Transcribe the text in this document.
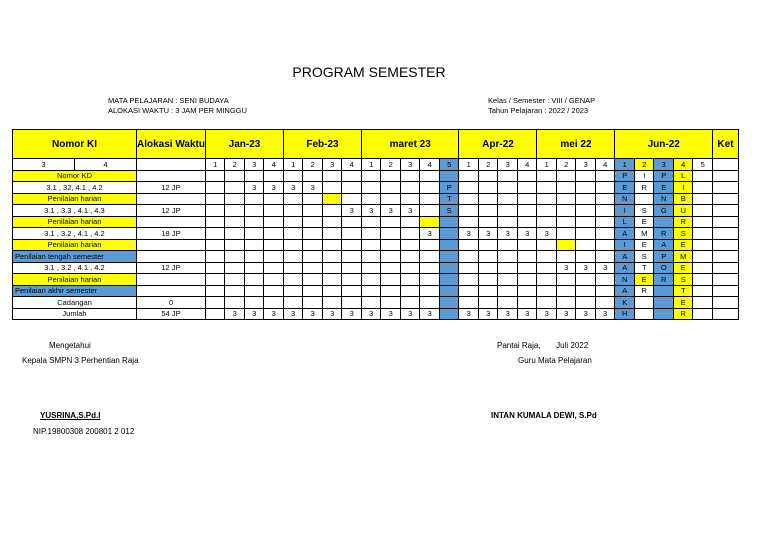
PROGRAM SEMESTER
MATA PELAJARAN : SENI BUDAYA
ALOKASI WAKTU : 3 JAM PER MINGGU
Kelas / Semester : VIII / GENAP
Tahun Pelajaran : 2022 / 2023
Nomor KI		Alokasi Waktu	Jan-23				Feb-23				maret 23					Apr-22				mei 22				Jun-22					Ket
3	4		1	2	3	4	1	2	3	4	1	2	3	4	5	1	2	3	4	1	2	3	4	1	2	3	4	5	
Nomor KD																								P	I	P	L		
3.1 , 32, 4.1 , 4.2		12 JP			3	3	3	3							P									E	R	E	I		
Penilaian harian															T									N		N	B		
3.1 , 3.3 , 4.1 , 4.3		12 JP								3	3	3	3		S									I	S	G	U		
Penilaian harian																								L	E		R		
3.1 , 3.2 , 4.1 , 4.2		18 JP												3		3	3	3	3	3				A	M	R	S		
Penilaian harian																								I	E	A	E		
Penilaian tengah semester																								A	S	P	M		
3.1 , 3.2 , 4.1 , 4.2		12 JP																			3	3	3	A	T	O	E		
Penilaian harian																								N	E	R	S		
Penilaian akhir semester																								A	R		T		
Cadangan		0																						K			E		
Jumlah		54 JP		3	3	3	3	3	3	3	3	3	3	3		3	3	3	3	3	3	3	3	H			R		
Mengetahui
Kepala SMPN 3 Perhentian Raja
YUSRINA,S.Pd.I
NIP.19800308 200801 2 012
Pantai Raja,       Juli 2022
Guru Mata Pelajaran
INTAN KUMALA DEWI, S.Pd
